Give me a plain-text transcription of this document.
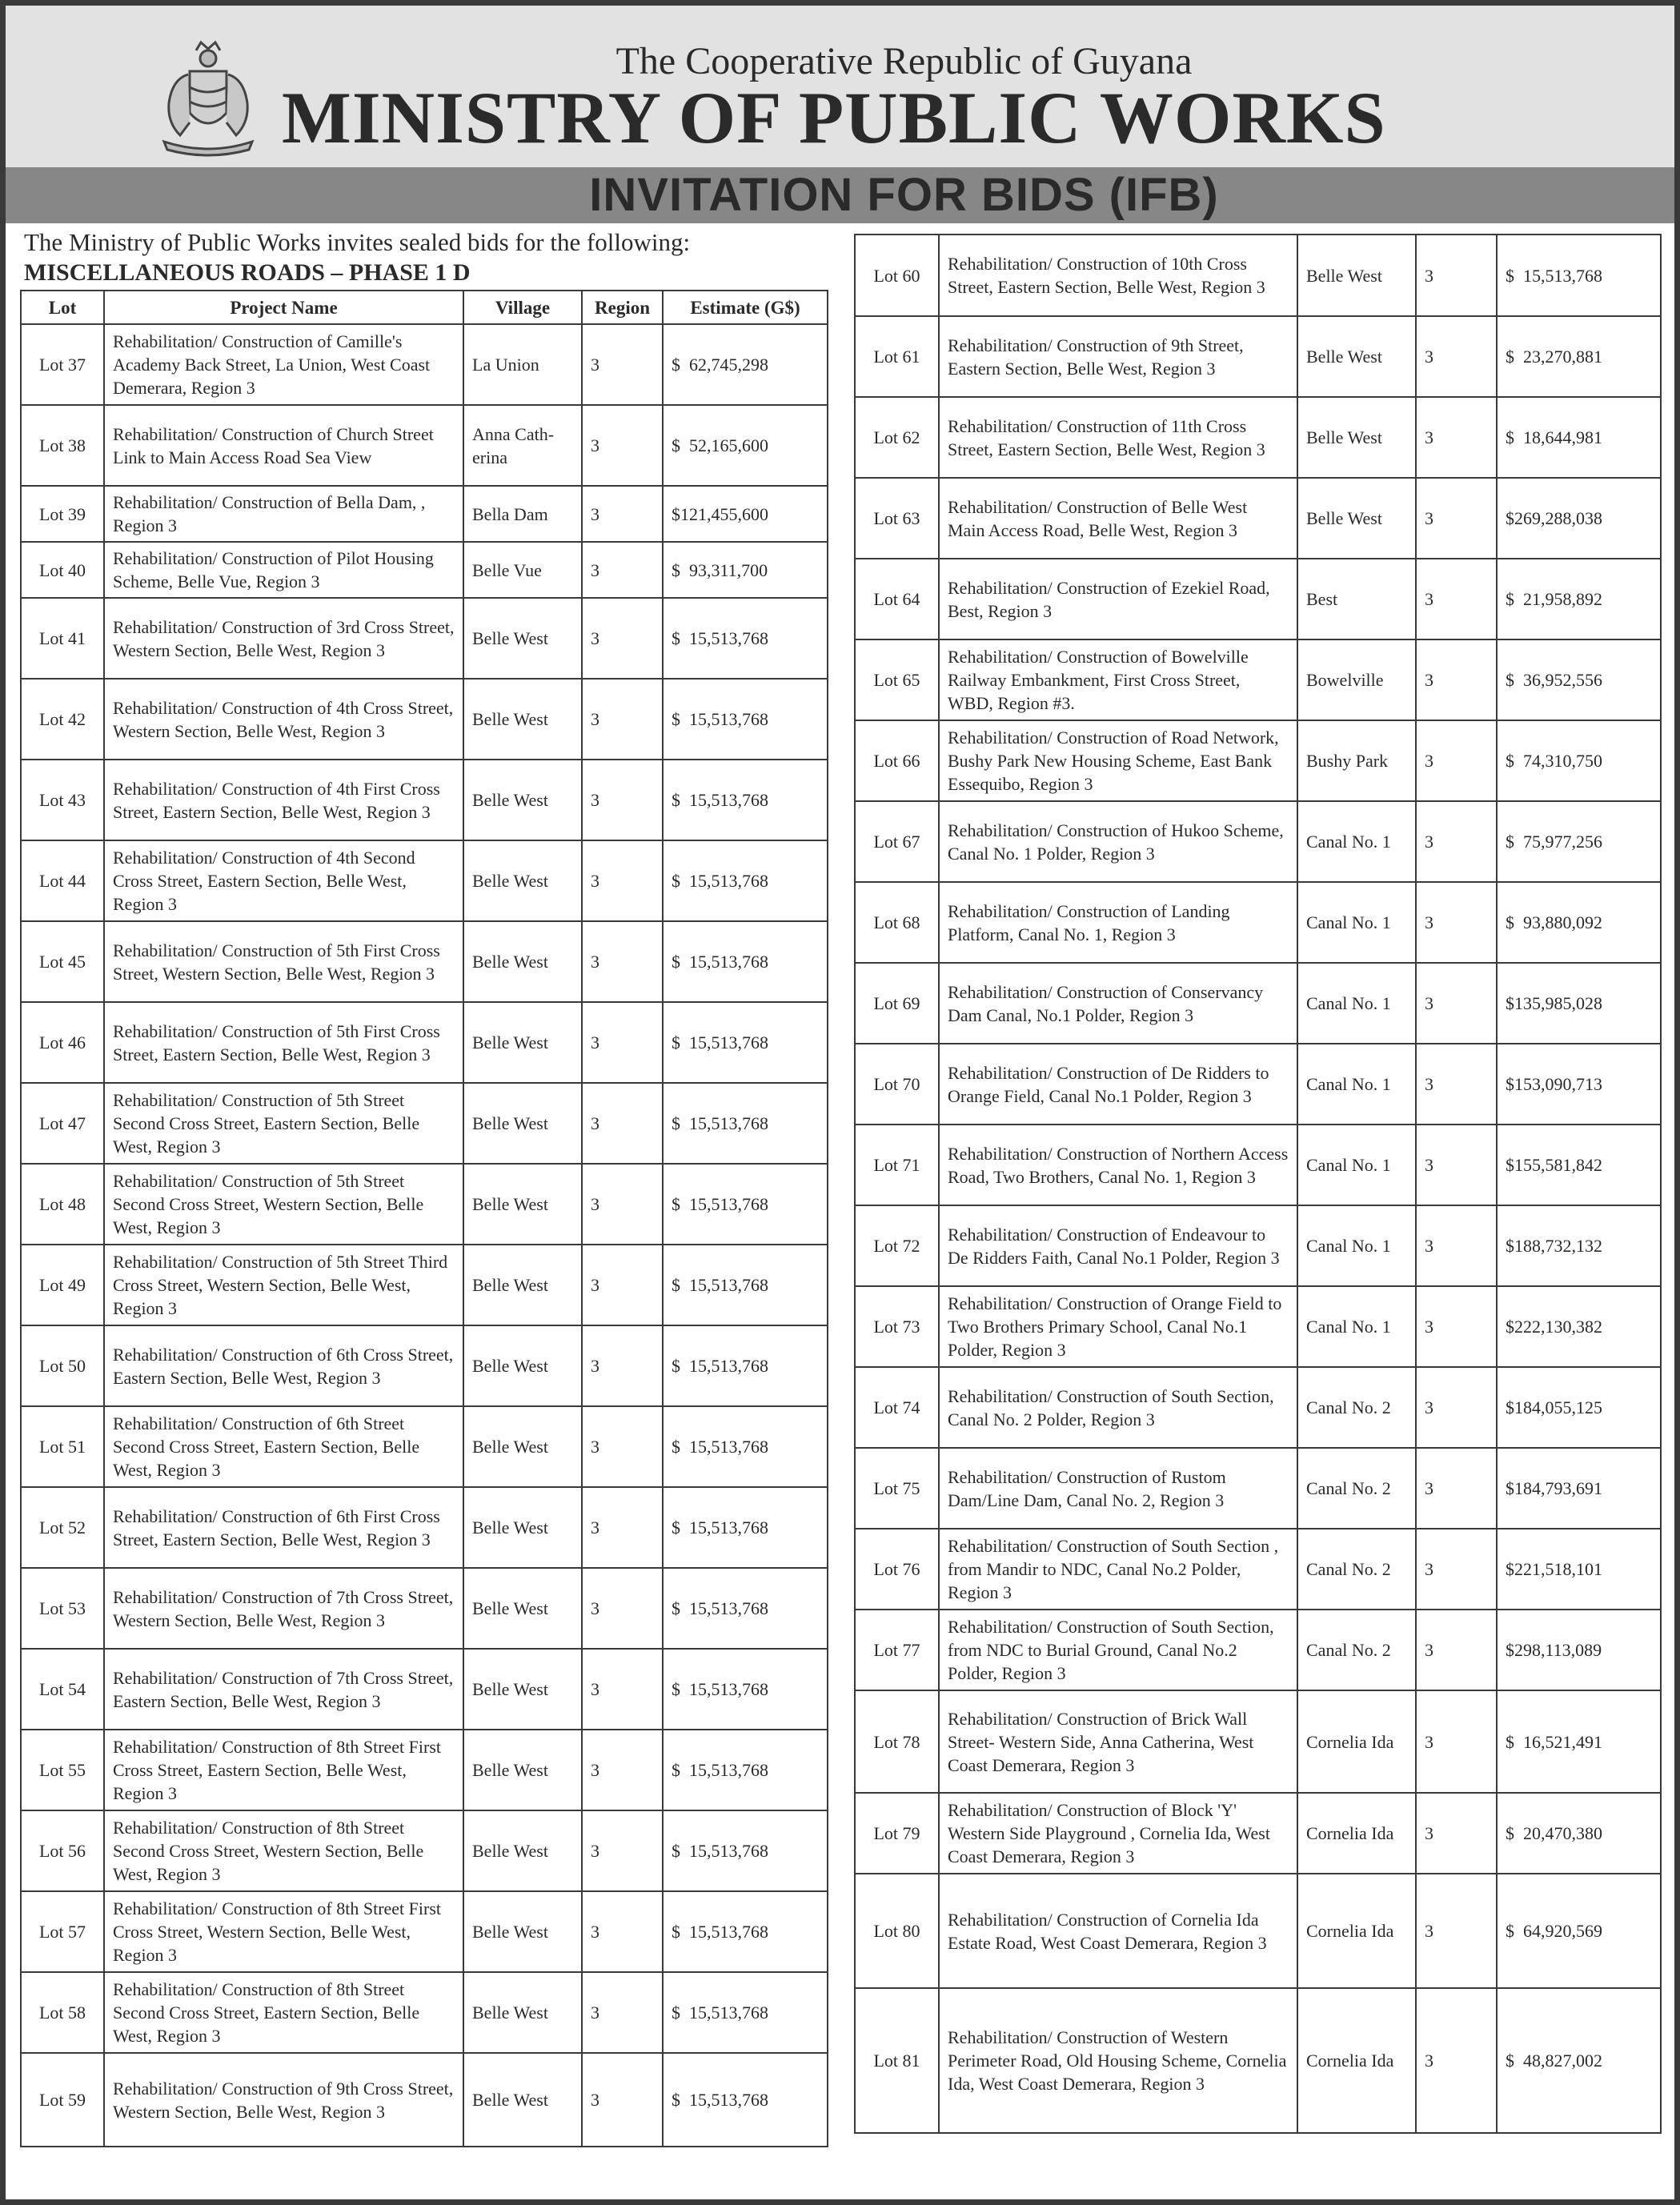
The Cooperative Republic of Guyana
MINISTRY OF PUBLIC WORKS
INVITATION FOR BIDS (IFB)
The Ministry of Public Works invites sealed bids for the following:
MISCELLANEOUS ROADS – PHASE 1 D
Lot	Project Name	Village	Region	Estimate (G$)
Lot 37	Rehabilitation/ Construction of Camille's Academy Back Street, La Union, West Coast Demerara, Region 3	La Union	3	$  62,745,298
Lot 38	Rehabilitation/ Construction of Church Street Link to Main Access Road Sea View	Anna Cath-erina	3	$  52,165,600
Lot 39	Rehabilitation/ Construction of Bella Dam, , Region 3	Bella Dam	3	$121,455,600
Lot 40	Rehabilitation/ Construction of Pilot Housing Scheme, Belle Vue, Region 3	Belle Vue	3	$  93,311,700
Lot 41	Rehabilitation/ Construction of 3rd Cross Street, Western Section, Belle West, Region 3	Belle West	3	$  15,513,768
Lot 42	Rehabilitation/ Construction of 4th Cross Street, Western Section, Belle West, Region 3	Belle West	3	$  15,513,768
Lot 43	Rehabilitation/ Construction of 4th First Cross Street, Eastern Section, Belle West, Region 3	Belle West	3	$  15,513,768
Lot 44	Rehabilitation/ Construction of 4th Second Cross Street, Eastern Section, Belle West, Region 3	Belle West	3	$  15,513,768
Lot 45	Rehabilitation/ Construction of 5th First Cross Street, Western Section, Belle West, Region 3	Belle West	3	$  15,513,768
Lot 46	Rehabilitation/ Construction of 5th First Cross Street, Eastern Section, Belle West, Region 3	Belle West	3	$  15,513,768
Lot 47	Rehabilitation/ Construction of 5th Street Second Cross Street, Eastern Section, Belle West, Region 3	Belle West	3	$  15,513,768
Lot 48	Rehabilitation/ Construction of 5th Street Second Cross Street, Western Section, Belle West, Region 3	Belle West	3	$  15,513,768
Lot 49	Rehabilitation/ Construction of 5th Street Third Cross Street, Western Section, Belle West, Region 3	Belle West	3	$  15,513,768
Lot 50	Rehabilitation/ Construction of 6th Cross Street, Eastern Section, Belle West, Region 3	Belle West	3	$  15,513,768
Lot 51	Rehabilitation/ Construction of 6th Street Second Cross Street, Eastern Section, Belle West, Region 3	Belle West	3	$  15,513,768
Lot 52	Rehabilitation/ Construction of 6th First Cross Street, Eastern Section, Belle West, Region 3	Belle West	3	$  15,513,768
Lot 53	Rehabilitation/ Construction of 7th Cross Street, Western Section, Belle West, Region 3	Belle West	3	$  15,513,768
Lot 54	Rehabilitation/ Construction of 7th Cross Street, Eastern Section, Belle West, Region 3	Belle West	3	$  15,513,768
Lot 55	Rehabilitation/ Construction of 8th Street First Cross Street, Eastern Section, Belle West, Region 3	Belle West	3	$  15,513,768
Lot 56	Rehabilitation/ Construction of 8th Street Second Cross Street, Western Section, Belle West, Region 3	Belle West	3	$  15,513,768
Lot 57	Rehabilitation/ Construction of 8th Street First Cross Street, Western Section, Belle West, Region 3	Belle West	3	$  15,513,768
Lot 58	Rehabilitation/ Construction of 8th Street Second Cross Street, Eastern Section, Belle West, Region 3	Belle West	3	$  15,513,768
Lot 59	Rehabilitation/ Construction of 9th Cross Street, Western Section, Belle West, Region 3	Belle West	3	$  15,513,768
Lot 60	Rehabilitation/ Construction of 10th Cross Street, Eastern Section, Belle West, Region 3	Belle West	3	$  15,513,768
Lot 61	Rehabilitation/ Construction of 9th Street, Eastern Section, Belle West, Region 3	Belle West	3	$  23,270,881
Lot 62	Rehabilitation/ Construction of 11th Cross Street, Eastern Section, Belle West, Region 3	Belle West	3	$  18,644,981
Lot 63	Rehabilitation/ Construction of Belle West Main Access Road, Belle West, Region 3	Belle West	3	$269,288,038
Lot 64	Rehabilitation/ Construction of Ezekiel Road, Best, Region 3	Best	3	$  21,958,892
Lot 65	Rehabilitation/ Construction of Bowelville Railway Embankment, First Cross Street, WBD, Region #3.	Bowelville	3	$  36,952,556
Lot 66	Rehabilitation/ Construction of Road Network, Bushy Park New Housing Scheme, East Bank Essequibo, Region 3	Bushy Park	3	$  74,310,750
Lot 67	Rehabilitation/ Construction of Hukoo Scheme, Canal No. 1 Polder, Region 3	Canal No. 1	3	$  75,977,256
Lot 68	Rehabilitation/ Construction of Landing Platform, Canal No. 1, Region 3	Canal No. 1	3	$  93,880,092
Lot 69	Rehabilitation/ Construction of Conservancy Dam Canal, No.1 Polder, Region 3	Canal No. 1	3	$135,985,028
Lot 70	Rehabilitation/ Construction of De Ridders to Orange Field, Canal No.1 Polder, Region 3	Canal No. 1	3	$153,090,713
Lot 71	Rehabilitation/ Construction of Northern Access Road, Two Brothers, Canal No. 1, Region 3	Canal No. 1	3	$155,581,842
Lot 72	Rehabilitation/ Construction of Endeavour to De Ridders Faith, Canal No.1 Polder, Region 3	Canal No. 1	3	$188,732,132
Lot 73	Rehabilitation/ Construction of Orange Field to Two Brothers Primary School, Canal No.1 Polder, Region 3	Canal No. 1	3	$222,130,382
Lot 74	Rehabilitation/ Construction of South Section, Canal No. 2 Polder, Region 3	Canal No. 2	3	$184,055,125
Lot 75	Rehabilitation/ Construction of Rustom Dam/Line Dam, Canal No. 2, Region 3	Canal No. 2	3	$184,793,691
Lot 76	Rehabilitation/ Construction of South Section , from Mandir to NDC, Canal No.2 Polder, Region 3	Canal No. 2	3	$221,518,101
Lot 77	Rehabilitation/ Construction of South Section, from NDC to Burial Ground, Canal No.2 Polder, Region 3	Canal No. 2	3	$298,113,089
Lot 78	Rehabilitation/ Construction of Brick Wall Street- Western Side, Anna Catherina, West Coast Demerara, Region 3	Cornelia Ida	3	$  16,521,491
Lot 79	Rehabilitation/ Construction of Block 'Y' Western Side Playground , Cornelia Ida, West Coast Demerara, Region 3	Cornelia Ida	3	$  20,470,380
Lot 80	Rehabilitation/ Construction of Cornelia Ida Estate Road, West Coast Demerara, Region 3	Cornelia Ida	3	$  64,920,569
Lot 81	Rehabilitation/ Construction of Western Perimeter Road, Old Housing Scheme, Cornelia Ida, West Coast Demerara, Region 3	Cornelia Ida	3	$  48,827,002
